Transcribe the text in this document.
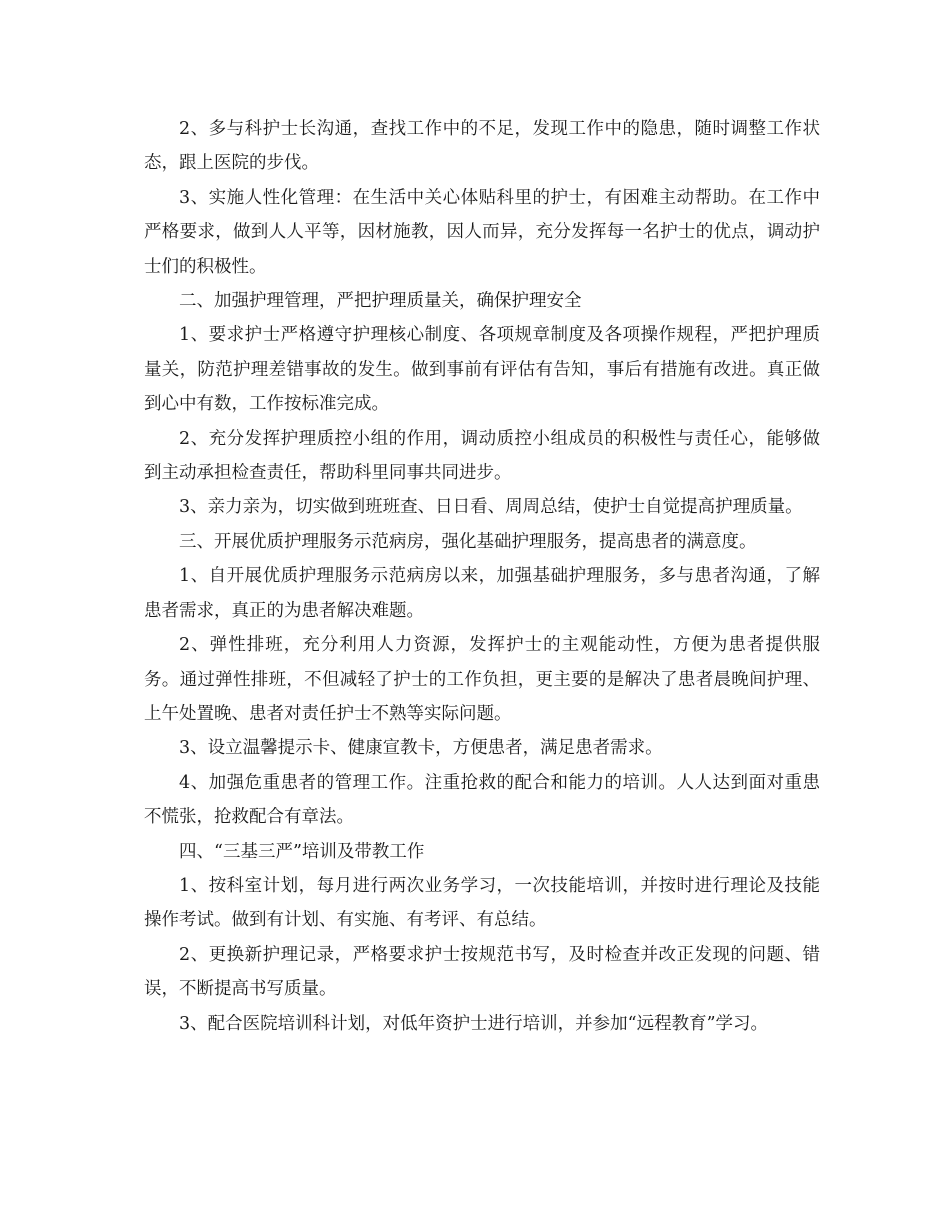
2、多与科护士长沟通，查找工作中的不足，发现工作中的隐患，随时调整工作状态，跟上医院的步伐。

3、实施人性化管理：在生活中关心体贴科里的护士，有困难主动帮助。在工作中严格要求，做到人人平等，因材施教，因人而异，充分发挥每一名护士的优点，调动护士们的积极性。

二、加强护理管理，严把护理质量关，确保护理安全

1、要求护士严格遵守护理核心制度、各项规章制度及各项操作规程，严把护理质量关，防范护理差错事故的发生。做到事前有评估有告知，事后有措施有改进。真正做到心中有数，工作按标准完成。

2、充分发挥护理质控小组的作用，调动质控小组成员的积极性与责任心，能够做到主动承担检查责任，帮助科里同事共同进步。

3、亲力亲为，切实做到班班查、日日看、周周总结，使护士自觉提高护理质量。

三、开展优质护理服务示范病房，强化基础护理服务，提高患者的满意度。

1、自开展优质护理服务示范病房以来，加强基础护理服务，多与患者沟通，了解患者需求，真正的为患者解决难题。

2、弹性排班，充分利用人力资源，发挥护士的主观能动性，方便为患者提供服务。通过弹性排班，不但减轻了护士的工作负担，更主要的是解决了患者晨晚间护理、上午处置晚、患者对责任护士不熟等实际问题。

3、设立温馨提示卡、健康宣教卡，方便患者，满足患者需求。

4、加强危重患者的管理工作。注重抢救的配合和能力的培训。人人达到面对重患不慌张，抢救配合有章法。

四、“三基三严”培训及带教工作

1、按科室计划，每月进行两次业务学习，一次技能培训，并按时进行理论及技能操作考试。做到有计划、有实施、有考评、有总结。

2、更换新护理记录，严格要求护士按规范书写，及时检查并改正发现的问题、错误，不断提高书写质量。

3、配合医院培训科计划，对低年资护士进行培训，并参加“远程教育”学习。
